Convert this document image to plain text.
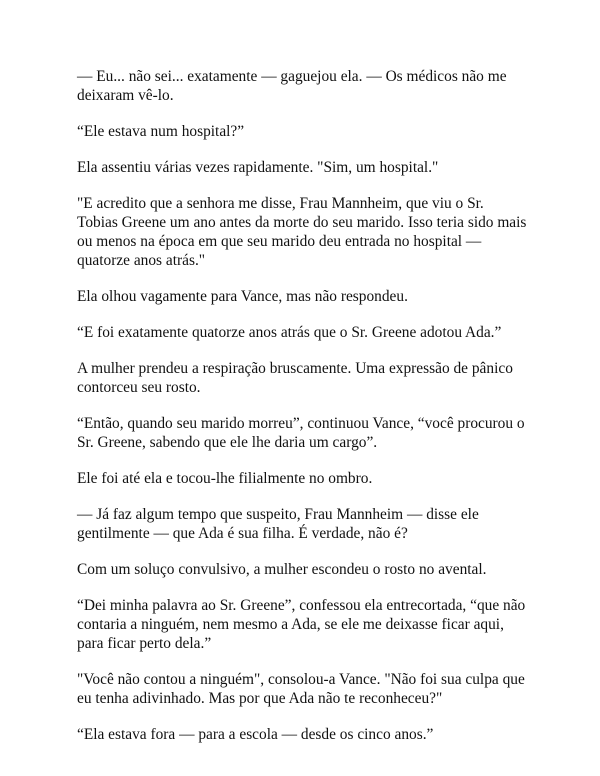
— Eu... não sei... exatamente — gaguejou ela. — Os médicos não me deixaram vê-lo.

“Ele estava num hospital?”

Ela assentiu várias vezes rapidamente. "Sim, um hospital."

"E acredito que a senhora me disse, Frau Mannheim, que viu o Sr. Tobias Greene um ano antes da morte do seu marido. Isso teria sido mais ou menos na época em que seu marido deu entrada no hospital — quatorze anos atrás."

Ela olhou vagamente para Vance, mas não respondeu.

“E foi exatamente quatorze anos atrás que o Sr. Greene adotou Ada.”

A mulher prendeu a respiração bruscamente. Uma expressão de pânico contorceu seu rosto.

“Então, quando seu marido morreu”, continuou Vance, “você procurou o Sr. Greene, sabendo que ele lhe daria um cargo”.

Ele foi até ela e tocou-lhe filialmente no ombro.

— Já faz algum tempo que suspeito, Frau Mannheim — disse ele gentilmente — que Ada é sua filha. É verdade, não é?

Com um soluço convulsivo, a mulher escondeu o rosto no avental.

“Dei minha palavra ao Sr. Greene”, confessou ela entrecortada, “que não contaria a ninguém, nem mesmo a Ada, se ele me deixasse ficar aqui, para ficar perto dela.”

"Você não contou a ninguém", consolou-a Vance. "Não foi sua culpa que eu tenha adivinhado. Mas por que Ada não te reconheceu?"

“Ela estava fora — para a escola — desde os cinco anos.”
